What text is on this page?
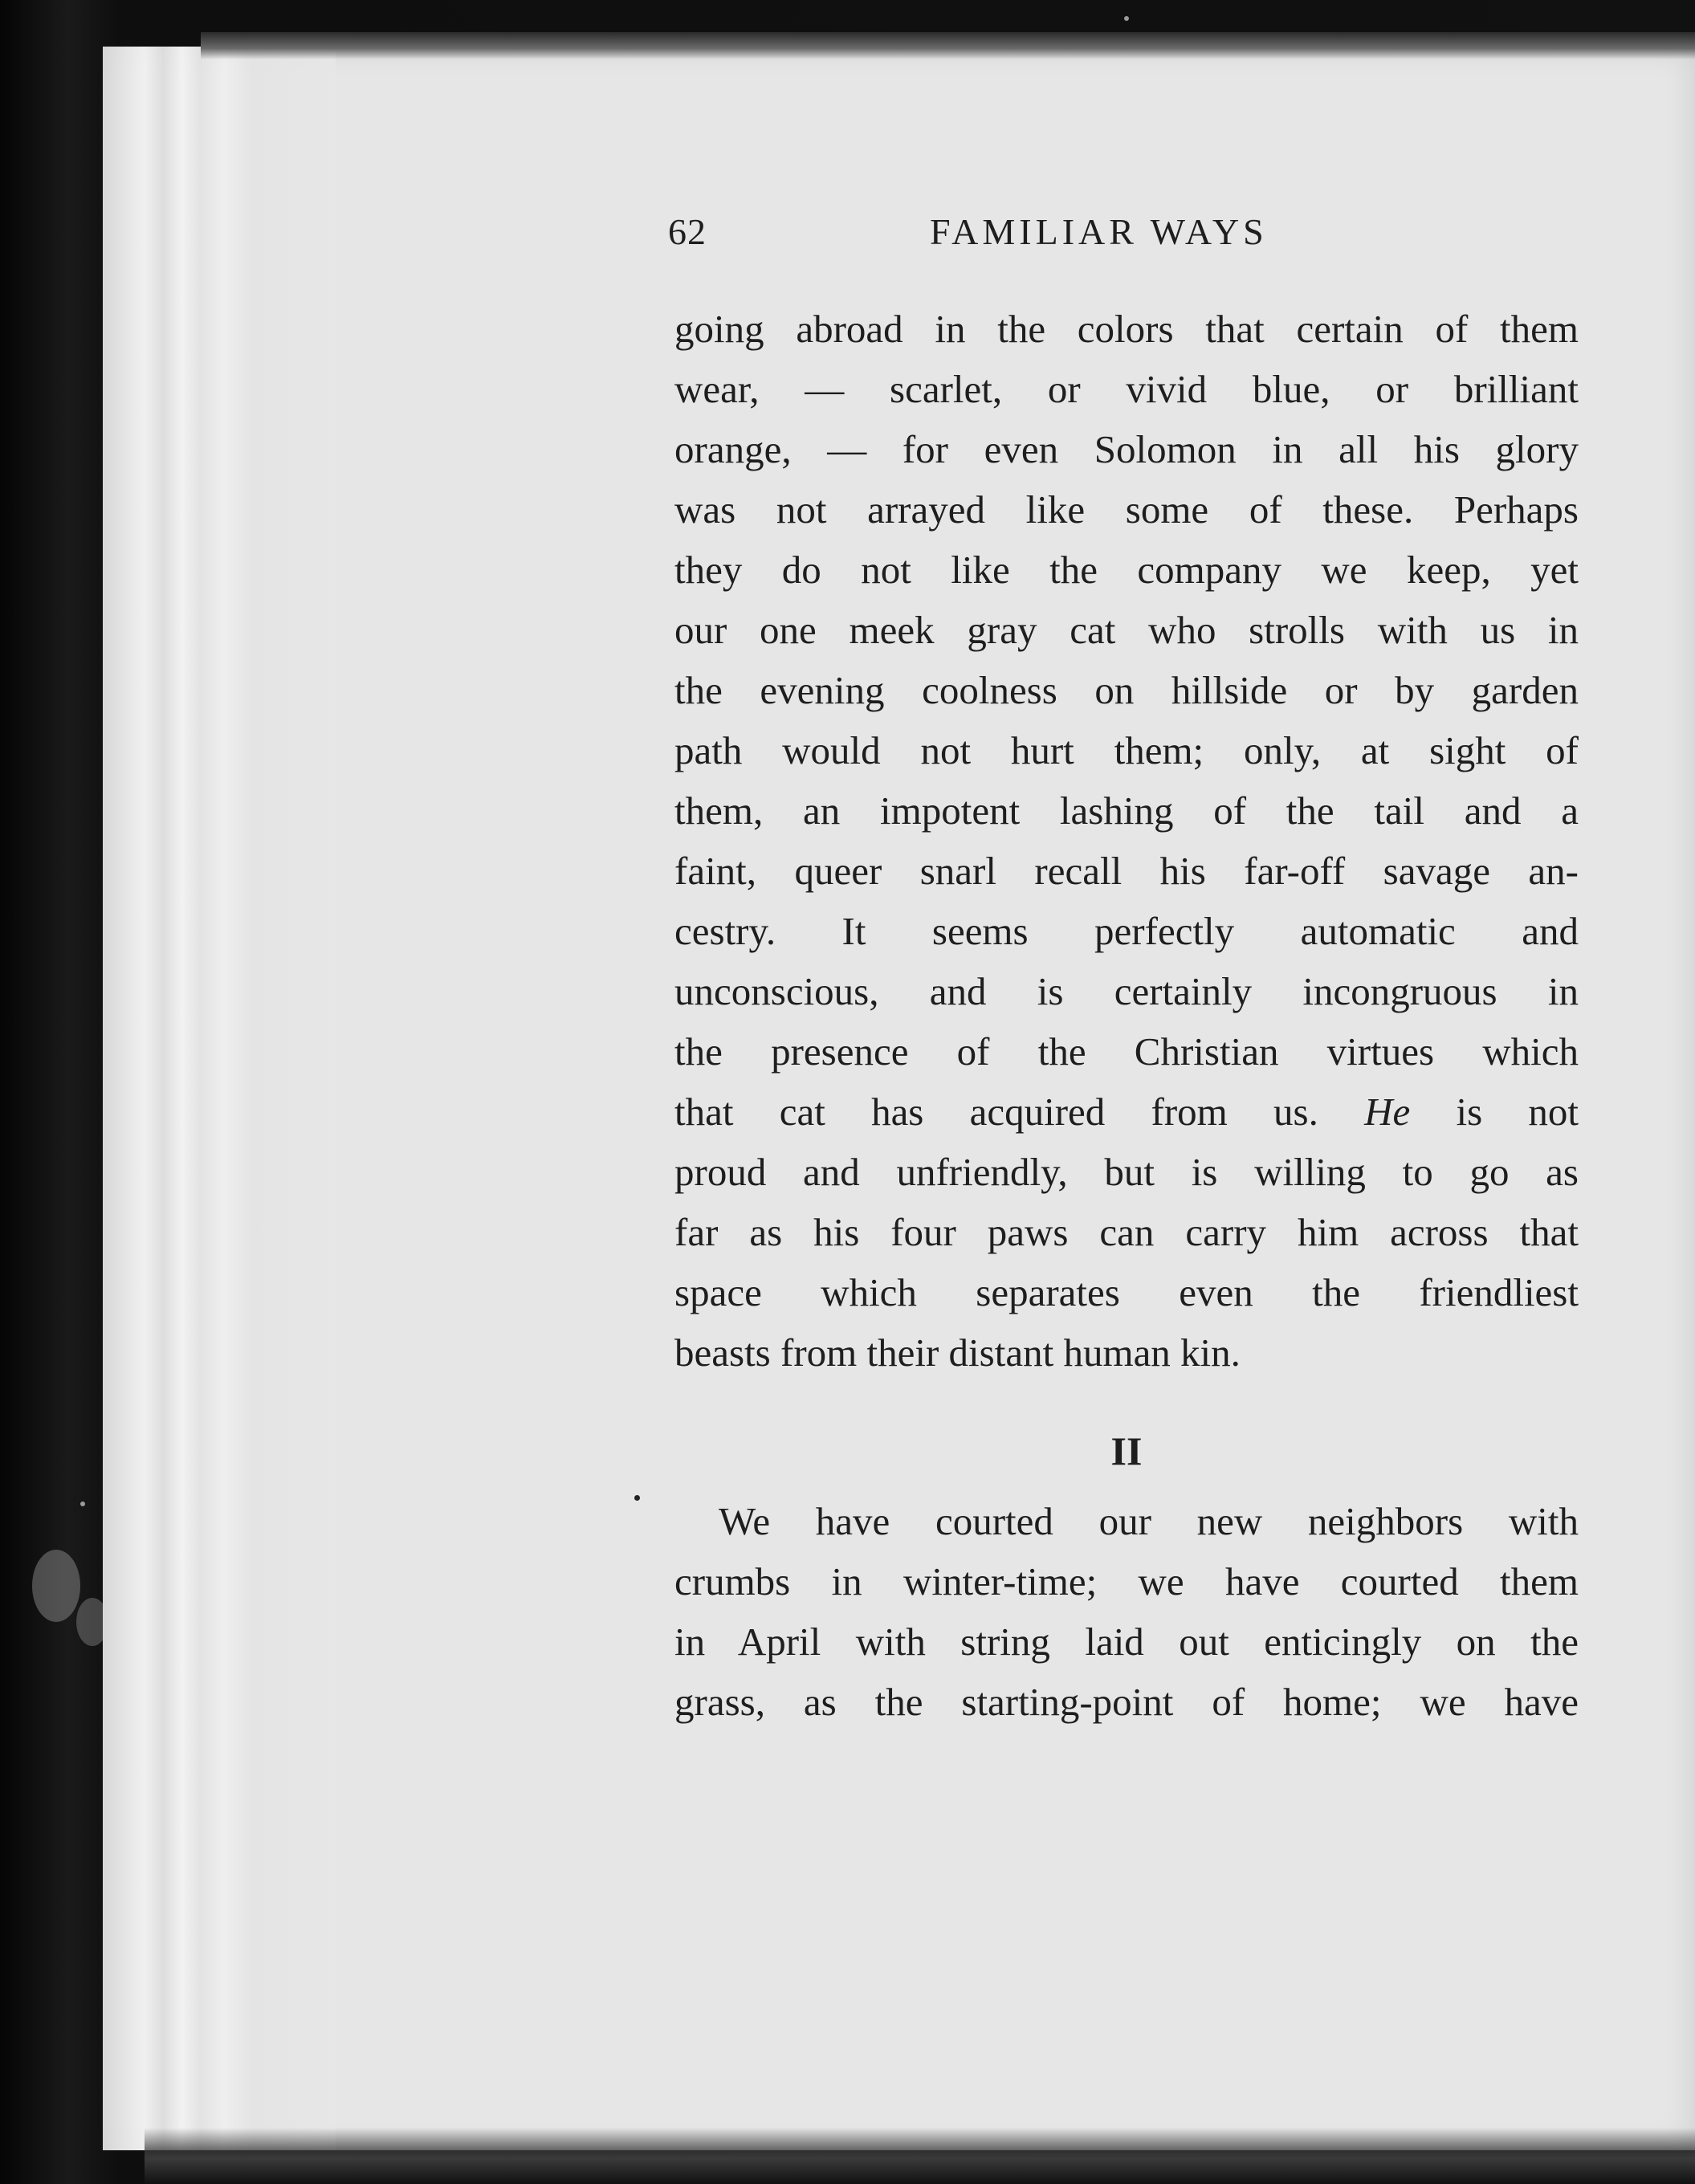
62	FAMILIAR WAYS
going abroad in the colors that certain of them
wear, — scarlet, or vivid blue, or brilliant
orange, — for even Solomon in all his glory
was not arrayed like some of these. Perhaps
they do not like the company we keep, yet
our one meek gray cat who strolls with us in
the evening coolness on hillside or by garden
path would not hurt them; only, at sight of
them, an impotent lashing of the tail and a
faint, queer snarl recall his far-off savage an-
cestry. It seems perfectly automatic and
unconscious, and is certainly incongruous in
the presence of the Christian virtues which
that cat has acquired from us. He is not
proud and unfriendly, but is willing to go as
far as his four paws can carry him across that
space which separates even the friendliest
beasts from their distant human kin.
II
We have courted our new neighbors with
crumbs in winter-time; we have courted them
in April with string laid out enticingly on the
grass, as the starting-point of home; we have
